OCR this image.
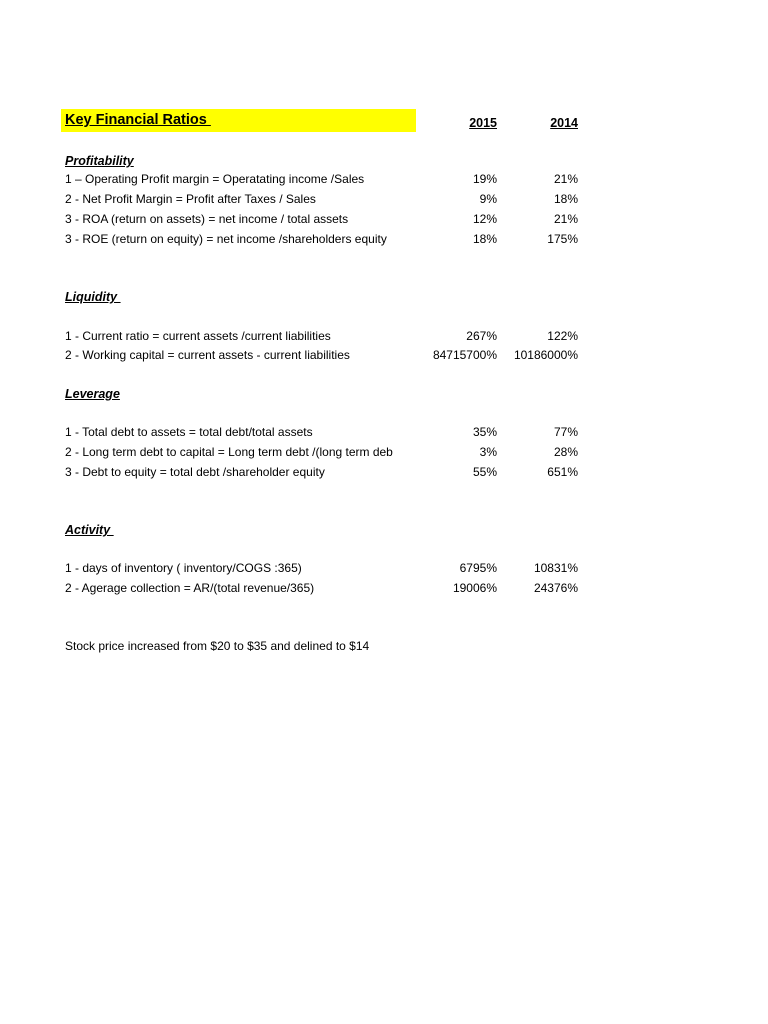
Key Financial Ratios	2015	2014
Profitability
1 – Operating Profit margin = Operatating income /Sales	19%	21%
2 - Net Profit Margin = Profit after Taxes / Sales	9%	18%
3 - ROA (return on assets) = net income / total assets	12%	21%
3 - ROE (return on equity) = net income /shareholders equity	18%	175%
Liquidity
1 - Current ratio = current assets /current liabilities	267%	122%
2 - Working capital = current assets - current liabilities	84715700%	10186000%
Leverage
1 - Total debt to assets = total debt/total assets	35%	77%
2 - Long term debt to capital = Long term debt /(long term deb	3%	28%
3 - Debt to equity = total debt /shareholder equity	55%	651%
Activity
1 - days of inventory ( inventory/COGS :365)	6795%	10831%
2 - Agerage collection = AR/(total revenue/365)	19006%	24376%
Stock price increased from $20 to $35 and delined to $14
